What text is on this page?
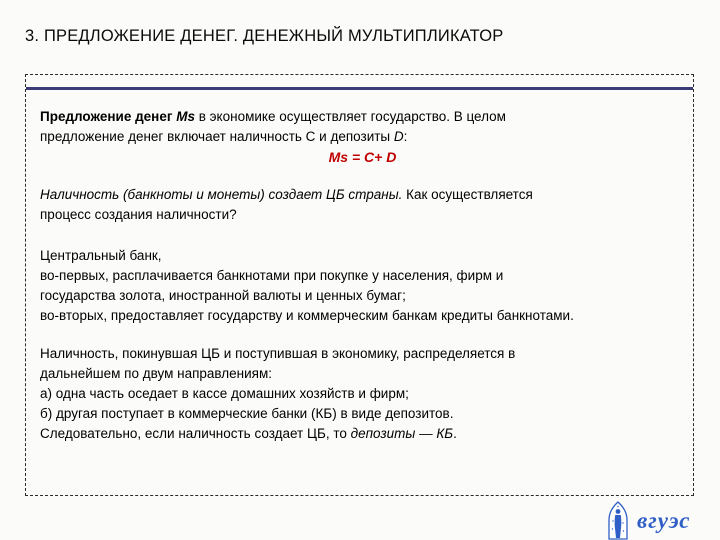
3. ПРЕДЛОЖЕНИЕ ДЕНЕГ. ДЕНЕЖНЫЙ МУЛЬТИПЛИКАТОР

Предложение денег Ms в экономике осуществляет государство. В целом
предложение денег включает наличность C и депозиты D:
Ms = C+ D

Наличность (банкноты и монеты) создает ЦБ страны. Как осуществляется
процесс создания наличности?

Центральный банк,
во-первых, расплачивается банкнотами при покупке у населения, фирм и
государства золота, иностранной валюты и ценных бумаг;
во-вторых, предоставляет государству и коммерческим банкам кредиты банкнотами.

Наличность, покинувшая ЦБ и поступившая в экономику, распределяется в
дальнейшем по двум направлениям:
а) одна часть оседает в кассе домашних хозяйств и фирм;
б) другая поступает в коммерческие банки (КБ) в виде депозитов.
Следовательно, если наличность создает ЦБ, то депозиты — КБ.

вгуэс
